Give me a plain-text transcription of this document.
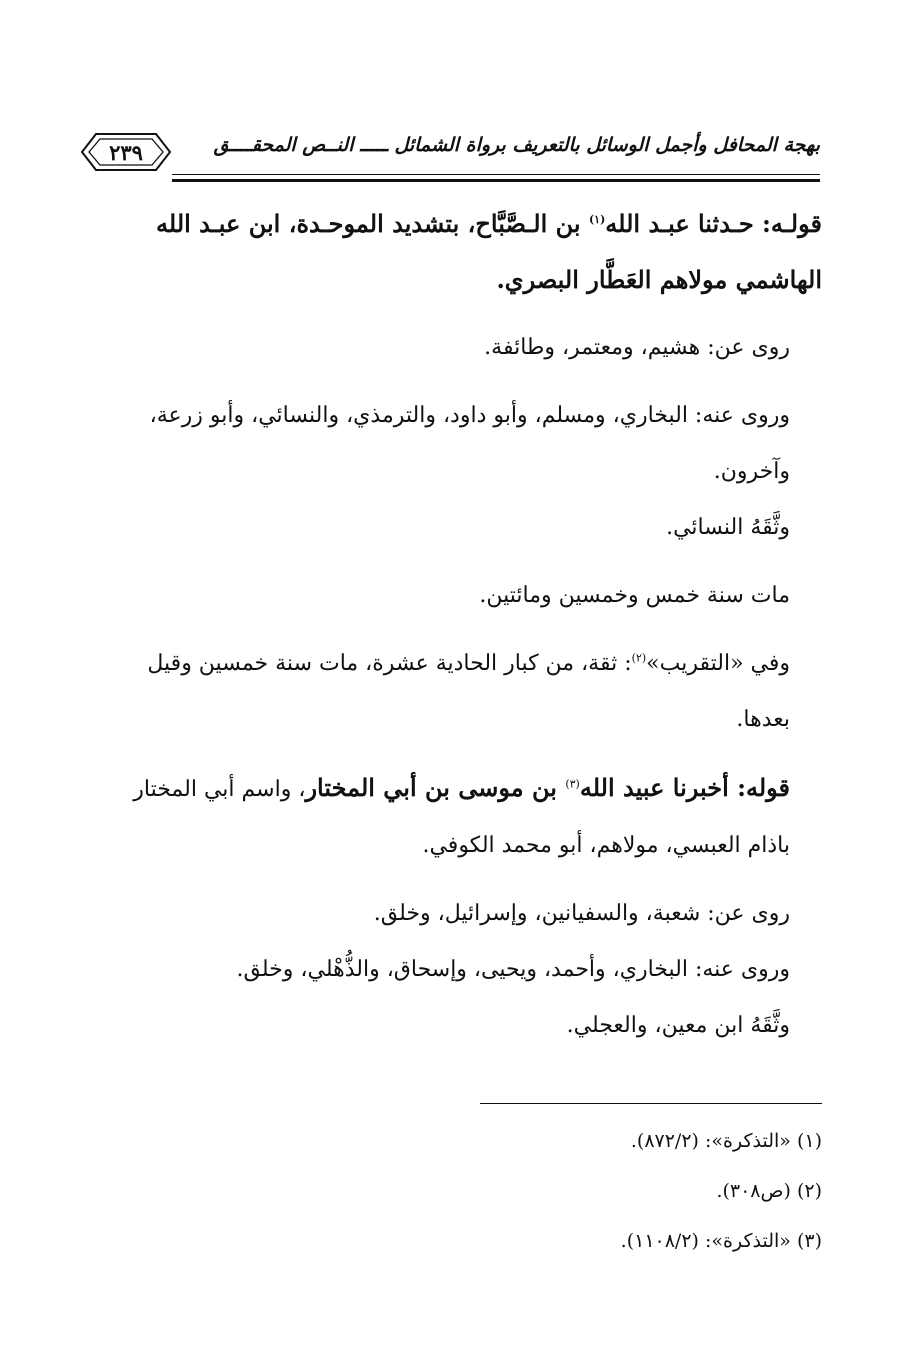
٢٣٩	بهجة المحافل وأجمل الوسائل بالتعريف برواة الشمائل ـــــ النــص المحقــــق

قولـه: حـدثنا عبـد الله$^{(١)}$ بن الـصَّبَّاح، بتشديد الموحـدة، ابن عبـد الله الهاشمي مولاهم العَطَّار البصري.

روى عن: هشيم، ومعتمر، وطائفة.

وروى عنه: البخاري، ومسلم، وأبو داود، والترمذي، والنسائي، وأبو زرعة، وآخرون.

وثَّقَهُ النسائي.

مات سنة خمس وخمسين ومائتين.

وفي «التقريب»$^{(٢)}$: ثقة، من كبار الحادية عشرة، مات سنة خمسين وقيل بعدها.

قوله: أخبرنا عبيد الله$^{(٣)}$ بن موسى بن أبي المختار، واسم أبي المختار باذام العبسي، مولاهم، أبو محمد الكوفي.

روى عن: شعبة، والسفيانين، وإسرائيل، وخلق.

وروى عنه: البخاري، وأحمد، ويحيى، وإسحاق، والذُّهْلي، وخلق.

وثَّقَهُ ابن معين، والعجلي.

(١) «التذكرة»: (٨٧٢/٢).

(٢) (ص٣٠٨).

(٣) «التذكرة»: (١١٠٨/٢).
